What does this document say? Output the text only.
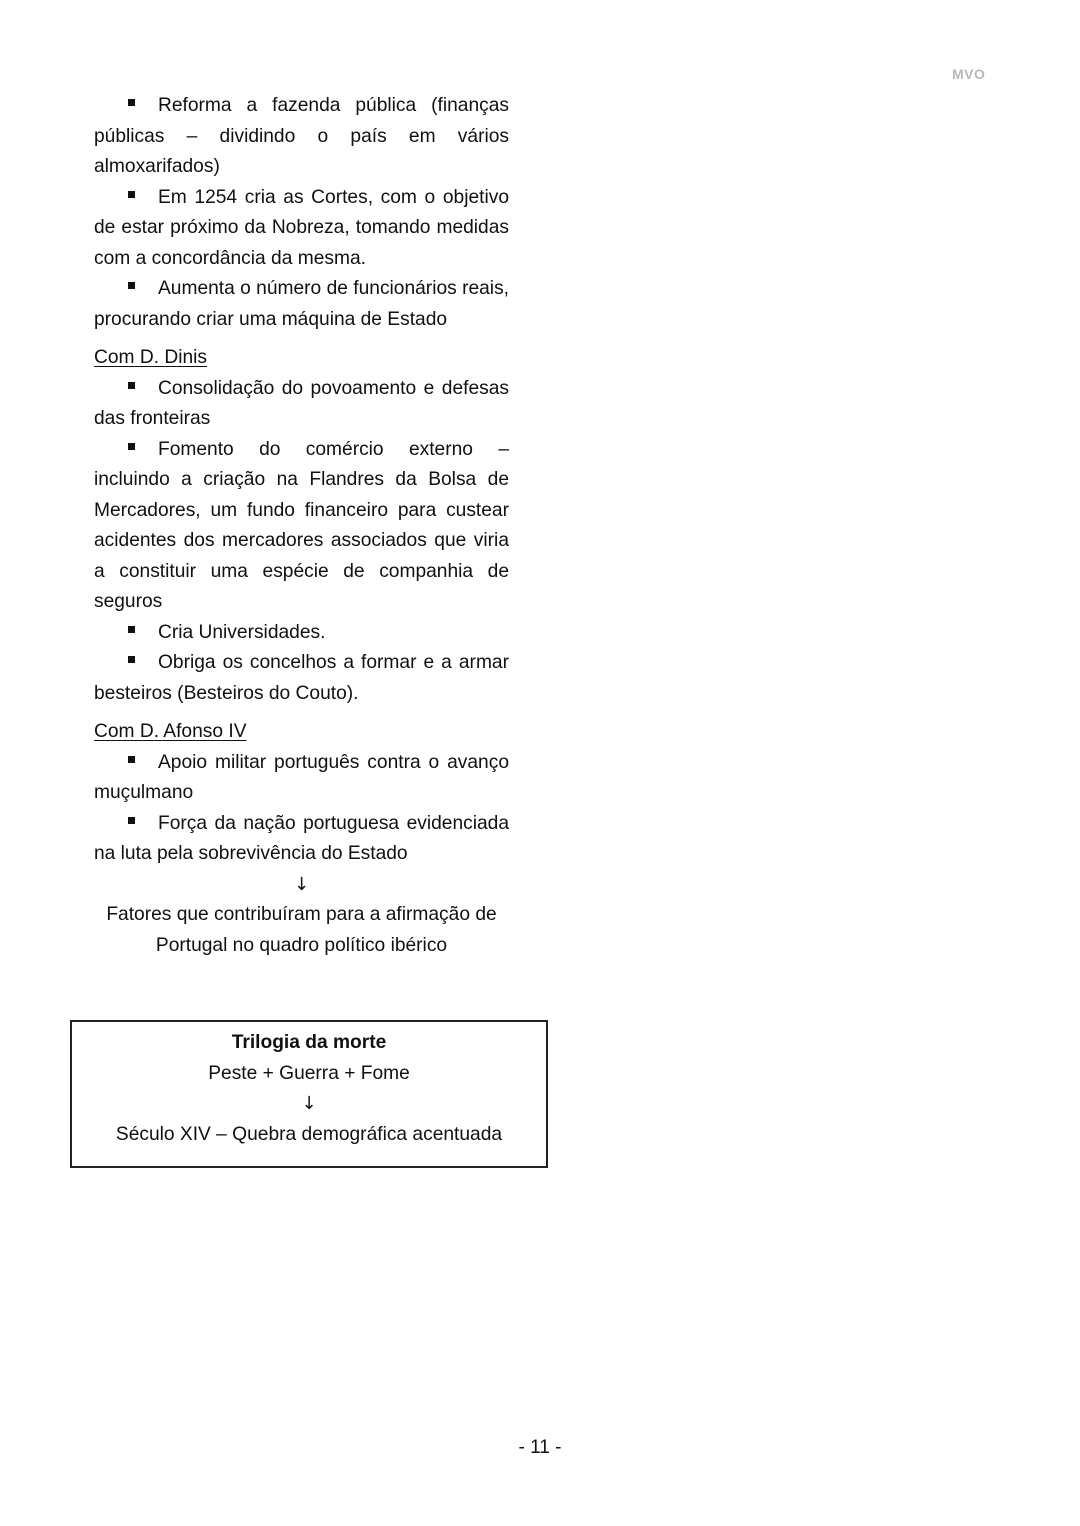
MVO

Reforma a fazenda pública (finanças públicas – dividindo o país em vários almoxarifados)

Em 1254 cria as Cortes, com o objetivo de estar próximo da Nobreza, tomando medidas com a concordância da mesma.

Aumenta o número de funcionários reais, procurando criar uma máquina de Estado

Com D. Dinis

Consolidação do povoamento e defesas das fronteiras

Fomento do comércio externo – incluindo a criação na Flandres da Bolsa de Mercadores, um fundo financeiro para custear acidentes dos mercadores associados que viria a constituir uma espécie de companhia de seguros

Cria Universidades.

Obriga os concelhos a formar e a armar besteiros (Besteiros do Couto).

Com D. Afonso IV

Apoio militar português contra o avanço muçulmano

Força da nação portuguesa evidenciada na luta pela sobrevivência do Estado

↓

Fatores que contribuíram para a afirmação de

Portugal no quadro político ibérico

Trilogia da morte
Peste + Guerra + Fome
↓
Século XIV – Quebra demográfica acentuada
- 11 -
